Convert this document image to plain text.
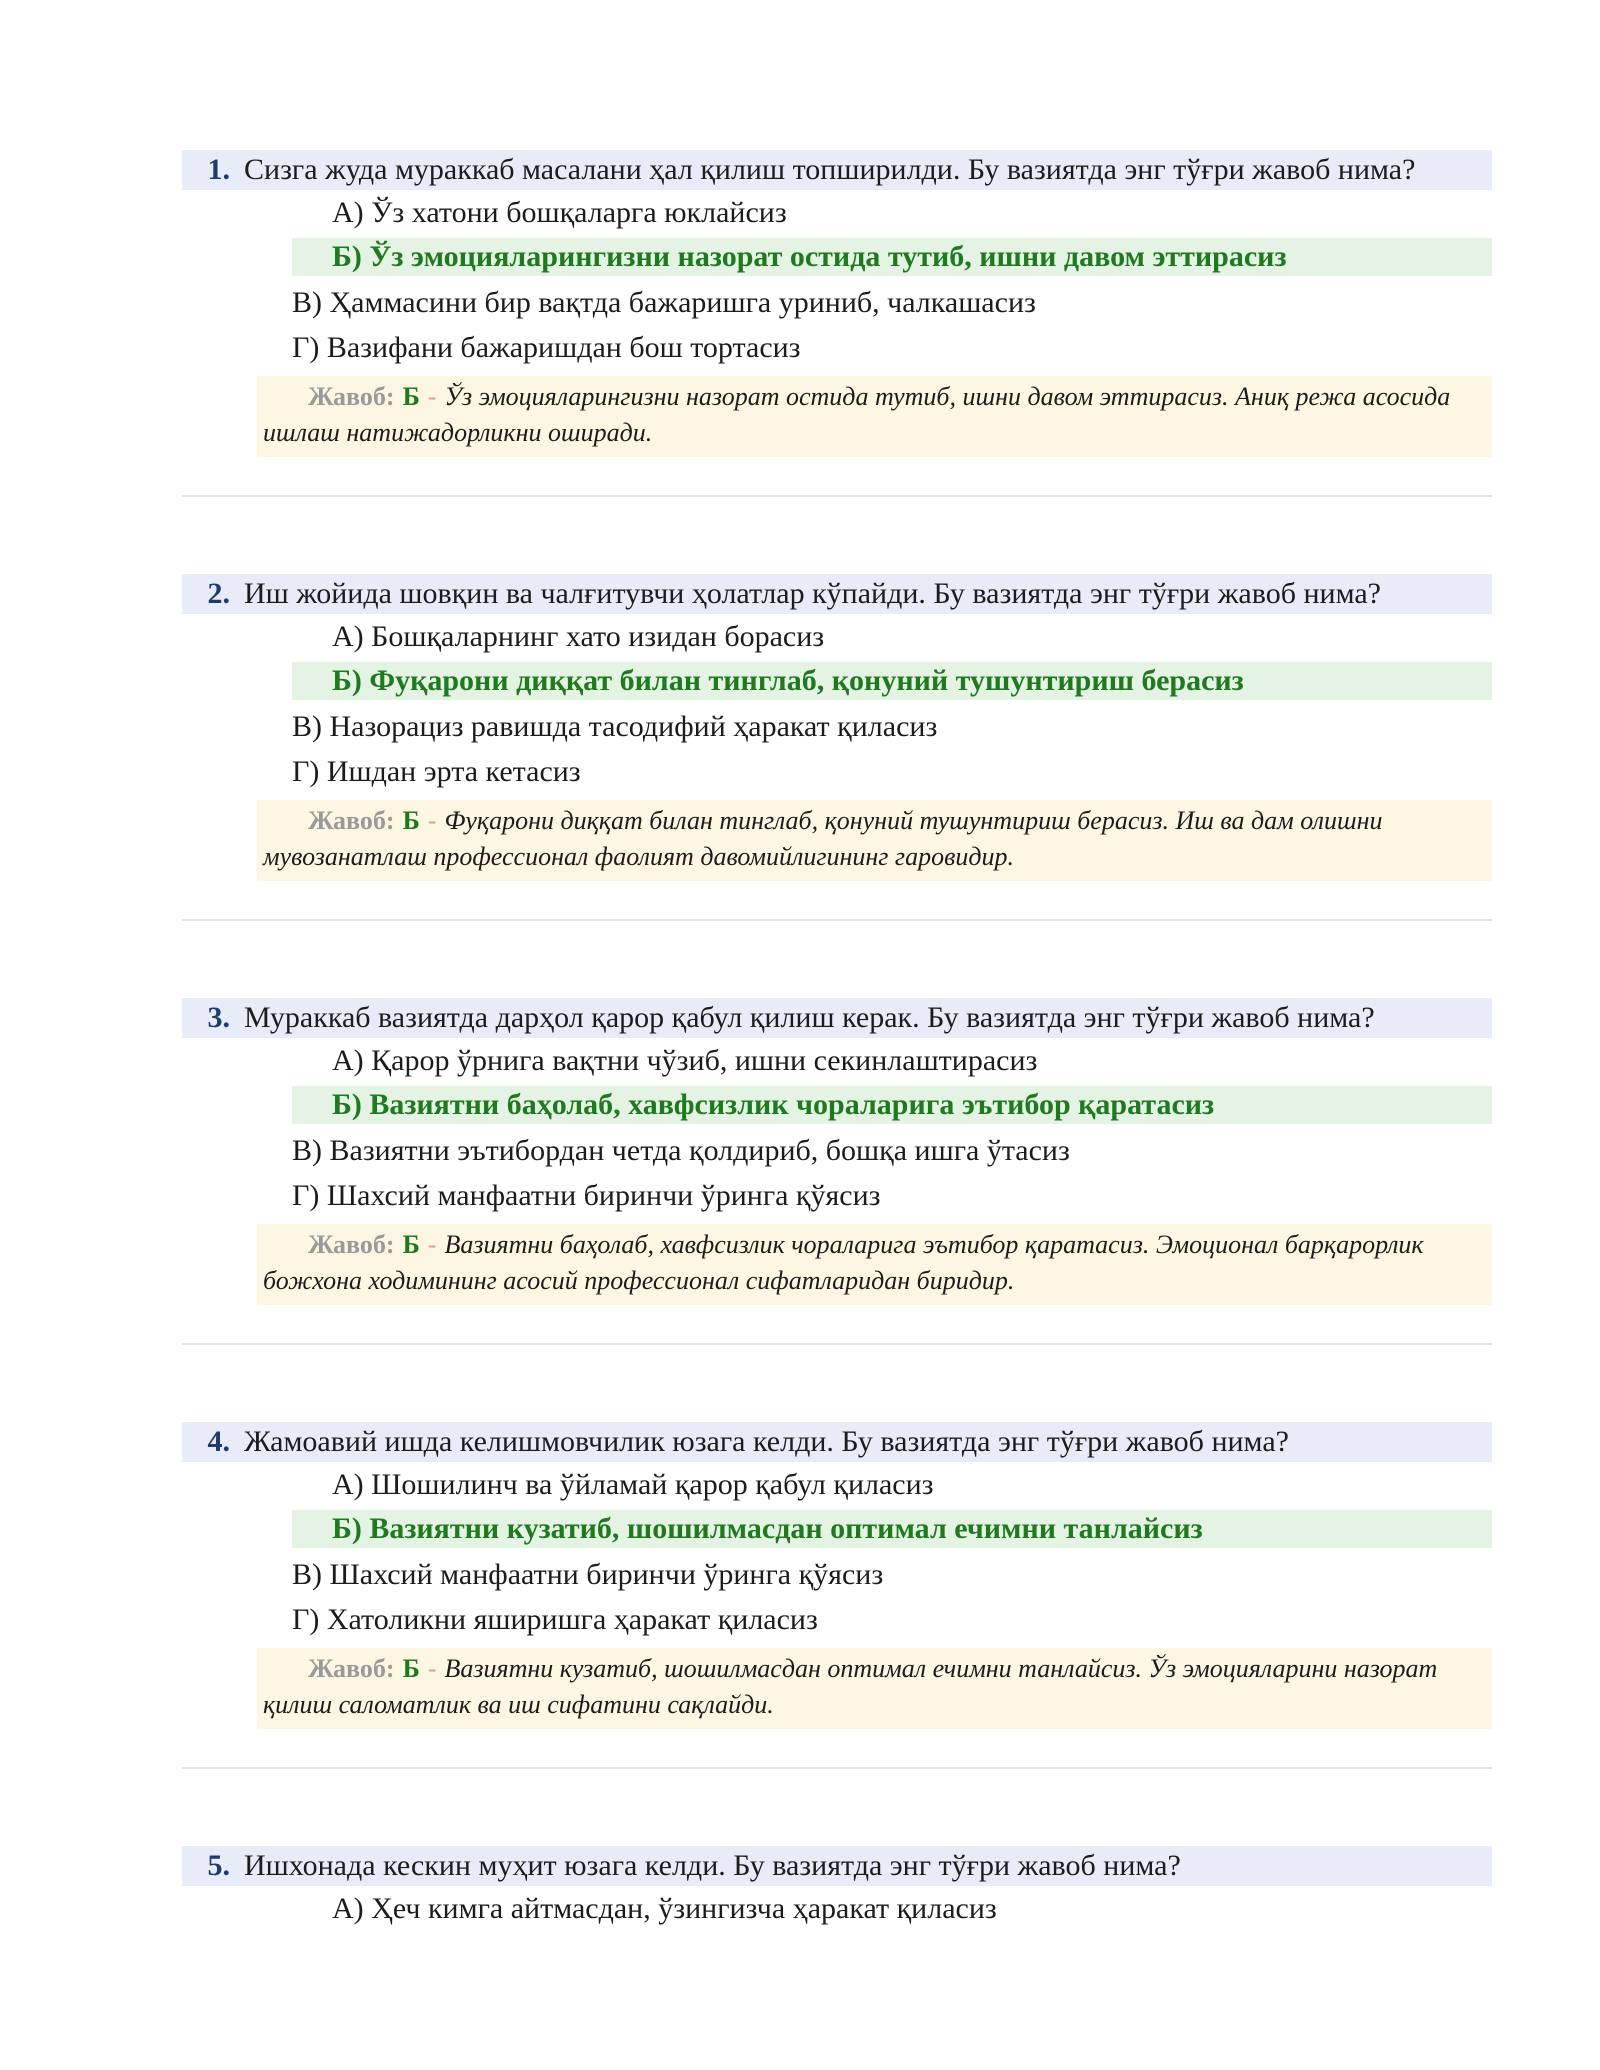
1. Сизга жуда мураккаб масалани ҳал қилиш топширилди. Бу вазиятда энг тўғри жавоб нима?
А) Ўз хатони бошқаларга юклайсиз
Б) Ўз эмоцияларингизни назорат остида тутиб, ишни давом эттирасиз
В) Ҳаммасини бир вақтда бажаришга уриниб, чалкашасиз
Г) Вазифани бажаришдан бош тортасиз
Жавоб: Б - Ўз эмоцияларингизни назорат остида тутиб, ишни давом эттирасиз. Аниқ режа асосида ишлаш натижадорликни оширади.
2. Иш жойида шовқин ва чалғитувчи ҳолатлар кўпайди. Бу вазиятда энг тўғри жавоб нима?
А) Бошқаларнинг хато изидан борасиз
Б) Фуқарони диққат билан тинглаб, қонуний тушунтириш берасиз
В) Назорациз равишда тасодифий ҳаракат қиласиз
Г) Ишдан эрта кетасиз
Жавоб: Б - Фуқарони диққат билан тинглаб, қонуний тушунтириш берасиз. Иш ва дам олишни мувозанатлаш профессионал фаолият давомийлигининг гаровидир.
3. Мураккаб вазиятда дарҳол қарор қабул қилиш керак. Бу вазиятда энг тўғри жавоб нима?
А) Қарор ўрнига вақтни чўзиб, ишни секинлаштирасиз
Б) Вазиятни баҳолаб, хавфсизлик чораларига эътибор қаратасиз
В) Вазиятни эътибордан четда қолдириб, бошқа ишга ўтасиз
Г) Шахсий манфаатни биринчи ўринга қўясиз
Жавоб: Б - Вазиятни баҳолаб, хавфсизлик чораларига эътибор қаратасиз. Эмоционал барқарорлик божхона ходимининг асосий профессионал сифатларидан биридир.
4. Жамоавий ишда келишмовчилик юзага келди. Бу вазиятда энг тўғри жавоб нима?
А) Шошилинч ва ўйламай қарор қабул қиласиз
Б) Вазиятни кузатиб, шошилмасдан оптимал ечимни танлайсиз
В) Шахсий манфаатни биринчи ўринга қўясиз
Г) Хатоликни яширишга ҳаракат қиласиз
Жавоб: Б - Вазиятни кузатиб, шошилмасдан оптимал ечимни танлайсиз. Ўз эмоцияларини назорат қилиш саломатлик ва иш сифатини сақлайди.
5. Ишхонада кескин муҳит юзага келди. Бу вазиятда энг тўғри жавоб нима?
А) Ҳеч кимга айтмасдан, ўзингизча ҳаракат қиласиз
